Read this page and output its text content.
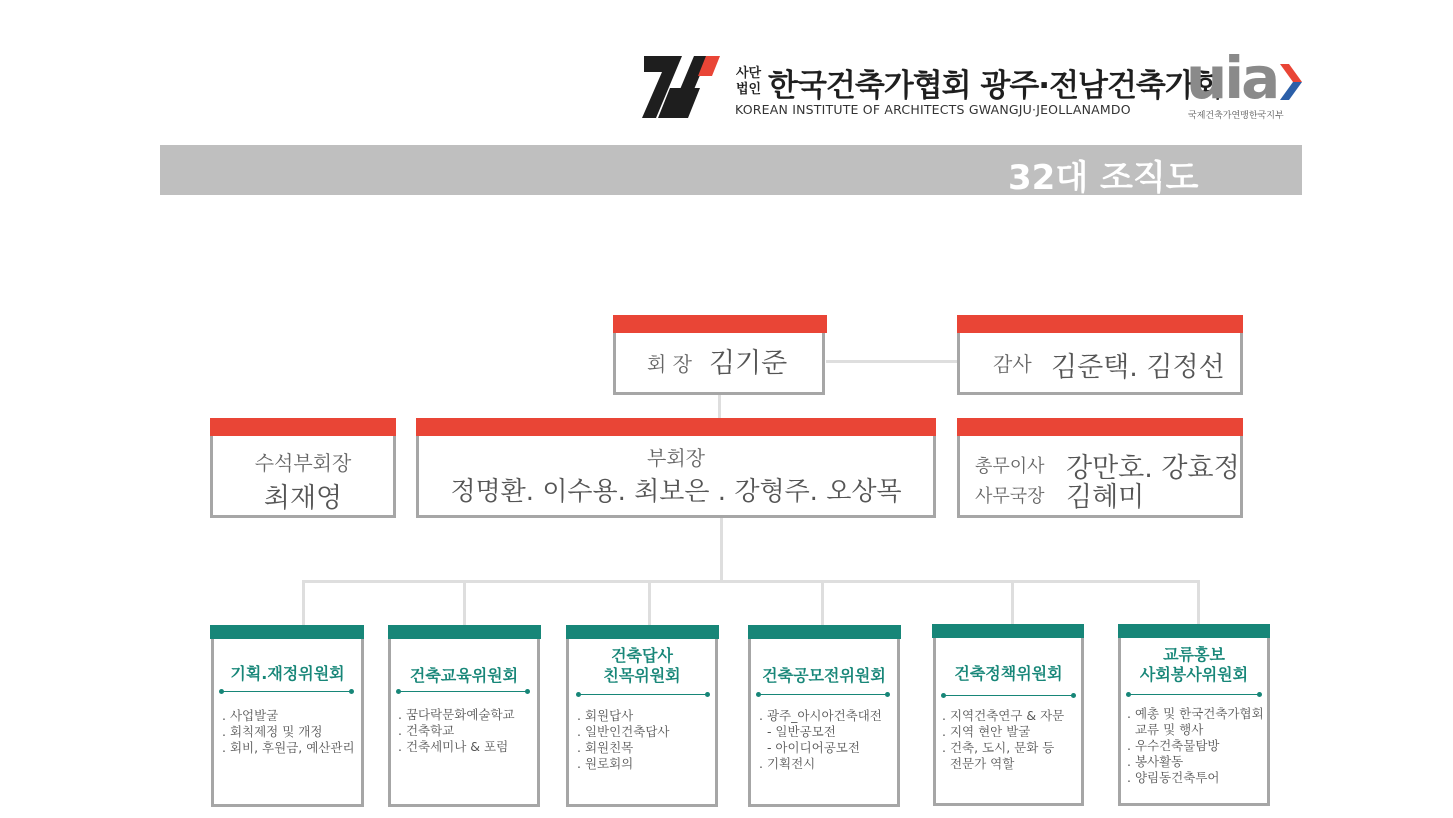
사단
법인 한국건축가협회 광주·전남건축가회
KOREAN INSTITUTE OF ARCHITECTS GWANGJU·JEOLLANAMDO uia
국제건축가연맹한국지부
32대 조직도
회 장 김기준	감사 김준택. 김정선
수석부회장
최재영
부회장
정명환. 이수용. 최보은 . 강형주. 오상목
총무이사 강만호. 강효정
사무국장 김혜미
기획.재정위원회
. 사업발굴
. 회칙제정 및 개정
. 회비, 후원금, 예산관리
건축교육위원회
. 꿈다락문화예술학교
. 건축학교
. 건축세미나 & 포럼
건축답사
친목위원회
. 회원답사
. 일반인건축답사
. 회원친목
. 원로회의
건축공모전위원회
. 광주_아시아건축대전
- 일반공모전
- 아이디어공모전
. 기획전시
건축정책위원회
. 지역건축연구 & 자문
. 지역 현안 발굴
. 건축, 도시, 문화 등
전문가 역할
교류홍보
사회봉사위원회
. 예총 및 한국건축가협회
교류 및 행사
. 우수건축물탐방
. 봉사활동
. 양림동건축투어
